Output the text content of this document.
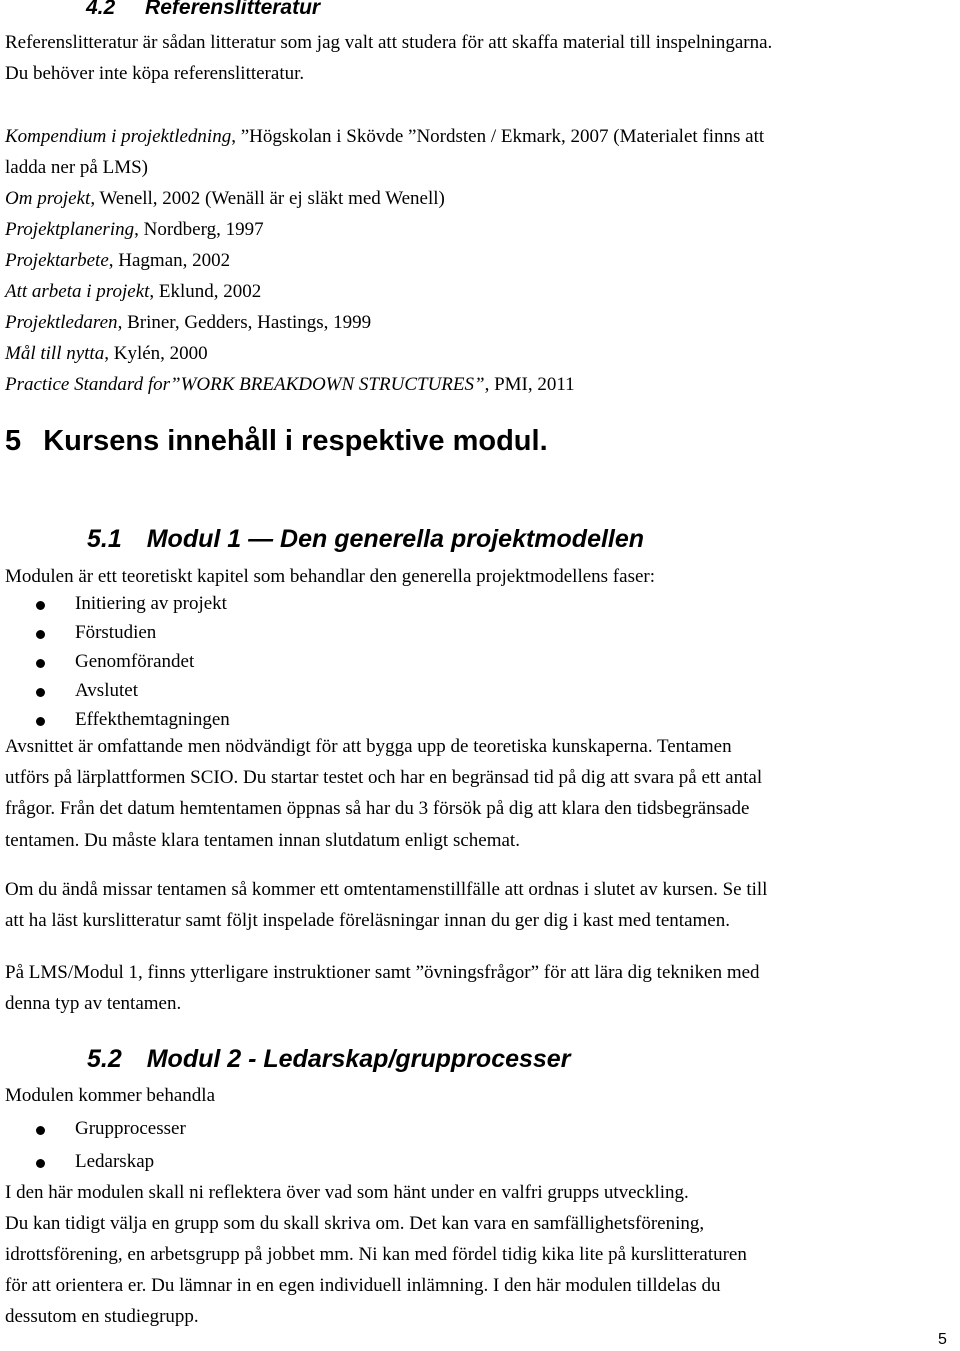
4.2 Referenslitteratur
Referenslitteratur är sådan litteratur som jag valt att studera för att skaffa material till inspelningarna.
Du behöver inte köpa referenslitteratur.
Kompendium i projektledning, ”Högskolan i Skövde ”Nordsten / Ekmark, 2007 (Materialet finns att
ladda ner på LMS)
Om projekt, Wenell, 2002 (Wenäll är ej släkt med Wenell)
Projektplanering, Nordberg, 1997
Projektarbete, Hagman, 2002
Att arbeta i projekt, Eklund, 2002
Projektledaren, Briner, Gedders, Hastings, 1999
Mål till nytta, Kylén, 2000
Practice Standard for”WORK BREAKDOWN STRUCTURES”, PMI, 2011
5 Kursens innehåll i respektive modul.
5.1 Modul 1 — Den generella projektmodellen
Modulen är ett teoretiskt kapitel som behandlar den generella projektmodellens faser:
Initiering av projekt
Förstudien
Genomförandet
Avslutet
Effekthemtagningen
Avsnittet är omfattande men nödvändigt för att bygga upp de teoretiska kunskaperna. Tentamen
utförs på lärplattformen SCIO. Du startar testet och har en begränsad tid på dig att svara på ett antal
frågor. Från det datum hemtentamen öppnas så har du 3 försök på dig att klara den tidsbegränsade
tentamen. Du måste klara tentamen innan slutdatum enligt schemat.
Om du ändå missar tentamen så kommer ett omtentamenstillfälle att ordnas i slutet av kursen. Se till
att ha läst kurslitteratur samt följt inspelade föreläsningar innan du ger dig i kast med tentamen.
På LMS/Modul 1, finns ytterligare instruktioner samt ”övningsfrågor” för att lära dig tekniken med
denna typ av tentamen.
5.2 Modul 2 - Ledarskap/grupprocesser
Modulen kommer behandla
Grupprocesser
Ledarskap
I den här modulen skall ni reflektera över vad som hänt under en valfri grupps utveckling.
Du kan tidigt välja en grupp som du skall skriva om. Det kan vara en samfällighetsförening,
idrottsförening, en arbetsgrupp på jobbet mm. Ni kan med fördel tidig kika lite på kurslitteraturen
för att orientera er. Du lämnar in en egen individuell inlämning. I den här modulen tilldelas du
dessutom en studiegrupp.
5
